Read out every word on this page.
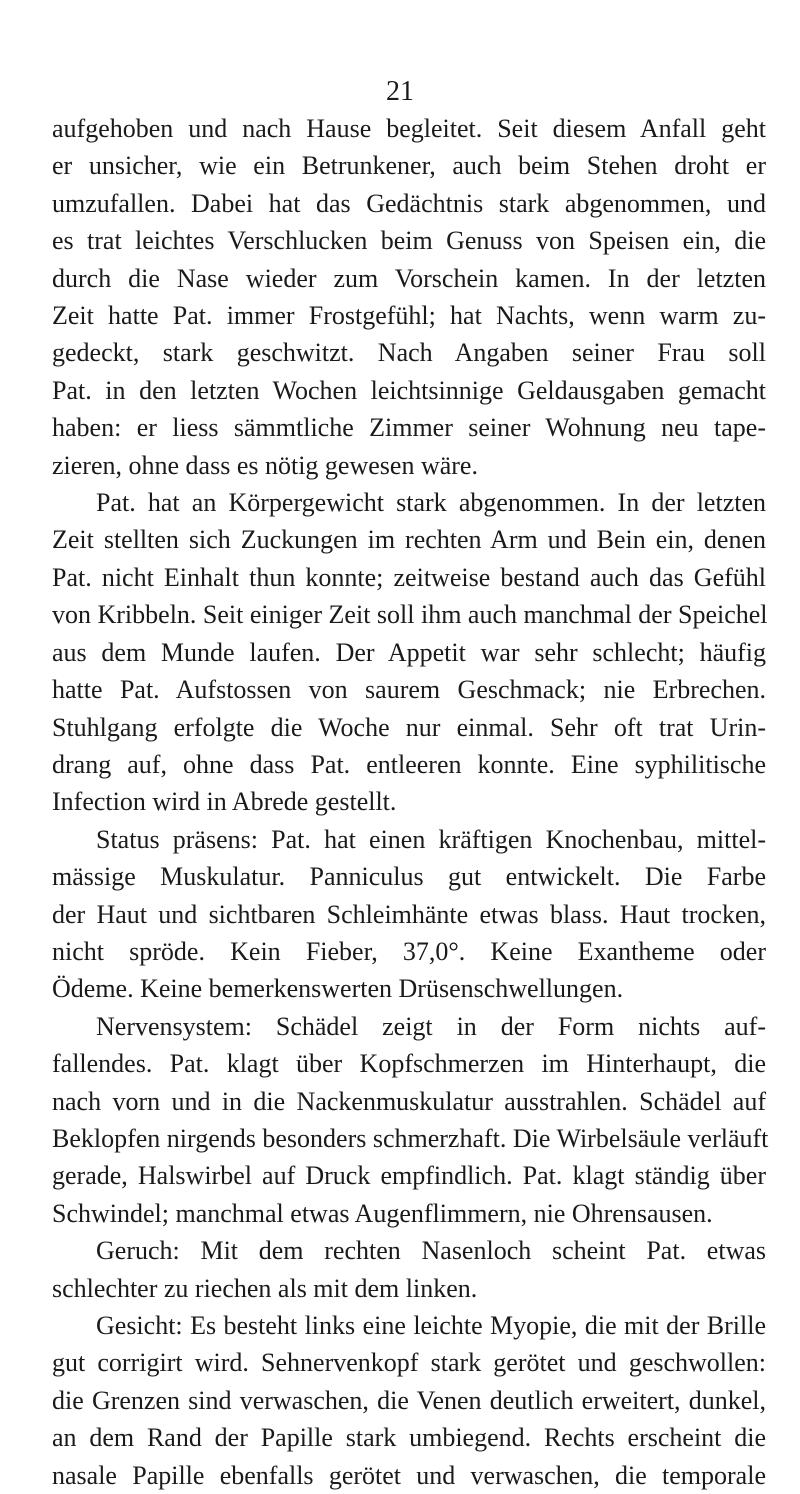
21
aufgehoben und nach Hause begleitet. Seit diesem Anfall geht
er unsicher, wie ein Betrunkener, auch beim Stehen droht er
umzufallen. Dabei hat das Gedächtnis stark abgenommen, und
es trat leichtes Verschlucken beim Genuss von Speisen ein, die
durch die Nase wieder zum Vorschein kamen. In der letzten
Zeit hatte Pat. immer Frostgefühl; hat Nachts, wenn warm zu-
gedeckt, stark geschwitzt. Nach Angaben seiner Frau soll
Pat. in den letzten Wochen leichtsinnige Geldausgaben gemacht
haben: er liess sämmtliche Zimmer seiner Wohnung neu tape-
zieren, ohne dass es nötig gewesen wäre.
Pat. hat an Körpergewicht stark abgenommen. In der letzten
Zeit stellten sich Zuckungen im rechten Arm und Bein ein, denen
Pat. nicht Einhalt thun konnte; zeitweise bestand auch das Gefühl
von Kribbeln. Seit einiger Zeit soll ihm auch manchmal der Speichel
aus dem Munde laufen. Der Appetit war sehr schlecht; häufig
hatte Pat. Aufstossen von saurem Geschmack; nie Erbrechen.
Stuhlgang erfolgte die Woche nur einmal. Sehr oft trat Urin-
drang auf, ohne dass Pat. entleeren konnte. Eine syphilitische
Infection wird in Abrede gestellt.
Status präsens: Pat. hat einen kräftigen Knochenbau, mittel-
mässige Muskulatur. Panniculus gut entwickelt. Die Farbe
der Haut und sichtbaren Schleimhänte etwas blass. Haut trocken,
nicht spröde. Kein Fieber, 37,0°. Keine Exantheme oder
Ödeme. Keine bemerkenswerten Drüsenschwellungen.
Nervensystem: Schädel zeigt in der Form nichts auf-
fallendes. Pat. klagt über Kopfschmerzen im Hinterhaupt, die
nach vorn und in die Nackenmuskulatur ausstrahlen. Schädel auf
Beklopfen nirgends besonders schmerzhaft. Die Wirbelsäule verläuft
gerade, Halswirbel auf Druck empfindlich. Pat. klagt ständig über
Schwindel; manchmal etwas Augenflimmern, nie Ohrensausen.
Geruch: Mit dem rechten Nasenloch scheint Pat. etwas
schlechter zu riechen als mit dem linken.
Gesicht: Es besteht links eine leichte Myopie, die mit der Brille
gut corrigirt wird. Sehnervenkopf stark gerötet und geschwollen:
die Grenzen sind verwaschen, die Venen deutlich erweitert, dunkel,
an dem Rand der Papille stark umbiegend. Rechts erscheint die
nasale Papille ebenfalls gerötet und verwaschen, die temporale
